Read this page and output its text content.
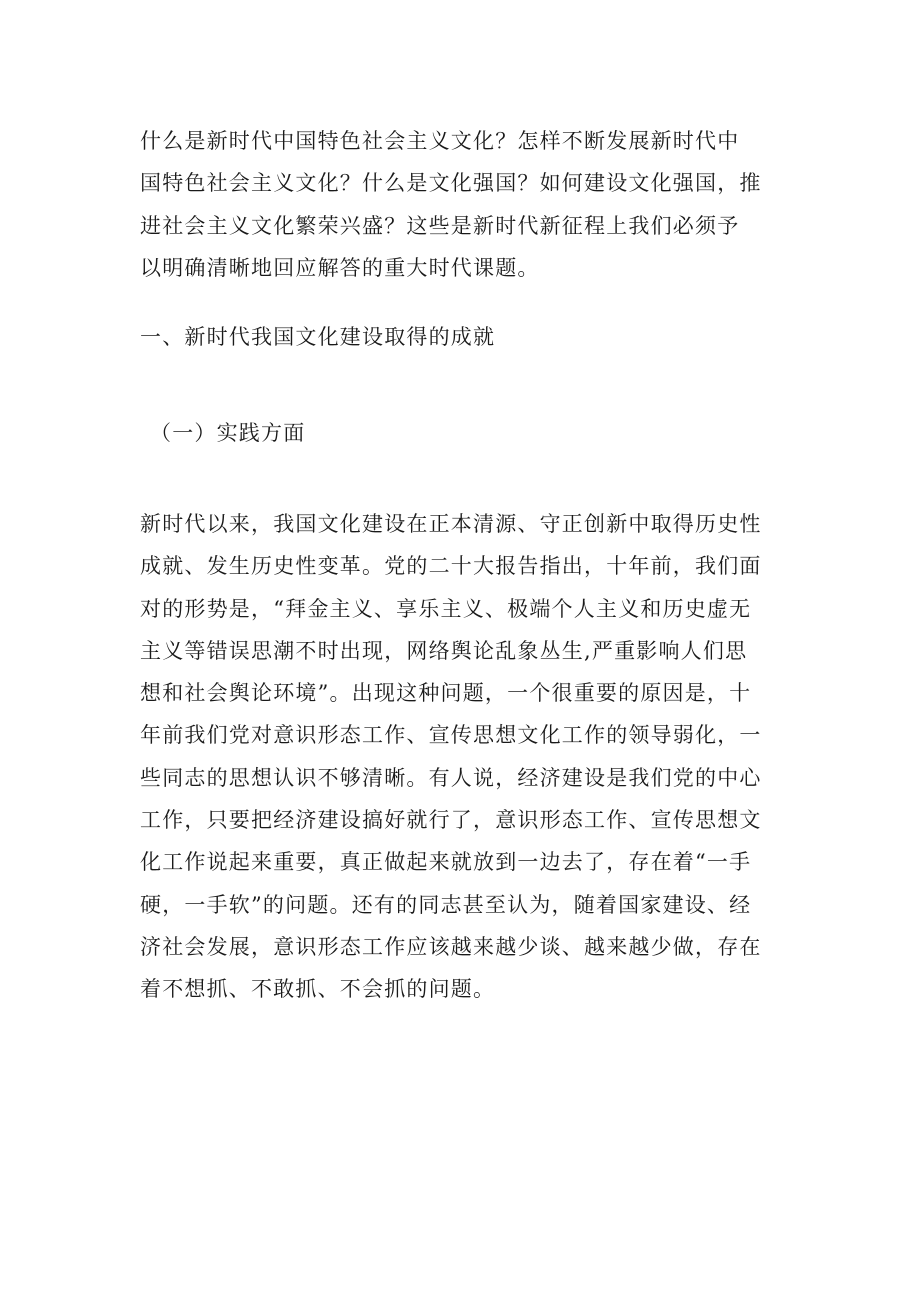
什么是新时代中国特色社会主义文化？怎样不断发展新时代中
国特色社会主义文化？什么是文化强国？如何建设文化强国，推
进社会主义文化繁荣兴盛？这些是新时代新征程上我们必须予
以明确清晰地回应解答的重大时代课题。
一、新时代我国文化建设取得的成就
（一）实践方面
新时代以来，我国文化建设在正本清源、守正创新中取得历史性
成就、发生历史性变革。党的二十大报告指出，十年前，我们面
对的形势是，“拜金主义、享乐主义、极端个人主义和历史虚无
主义等错误思潮不时出现，网络舆论乱象丛生,严重影响人们思
想和社会舆论环境”。出现这种问题，一个很重要的原因是，十
年前我们党对意识形态工作、宣传思想文化工作的领导弱化，一
些同志的思想认识不够清晰。有人说，经济建设是我们党的中心
工作，只要把经济建设搞好就行了，意识形态工作、宣传思想文
化工作说起来重要，真正做起来就放到一边去了，存在着“一手
硬，一手软”的问题。还有的同志甚至认为，随着国家建设、经
济社会发展，意识形态工作应该越来越少谈、越来越少做，存在
着不想抓、不敢抓、不会抓的问题。
